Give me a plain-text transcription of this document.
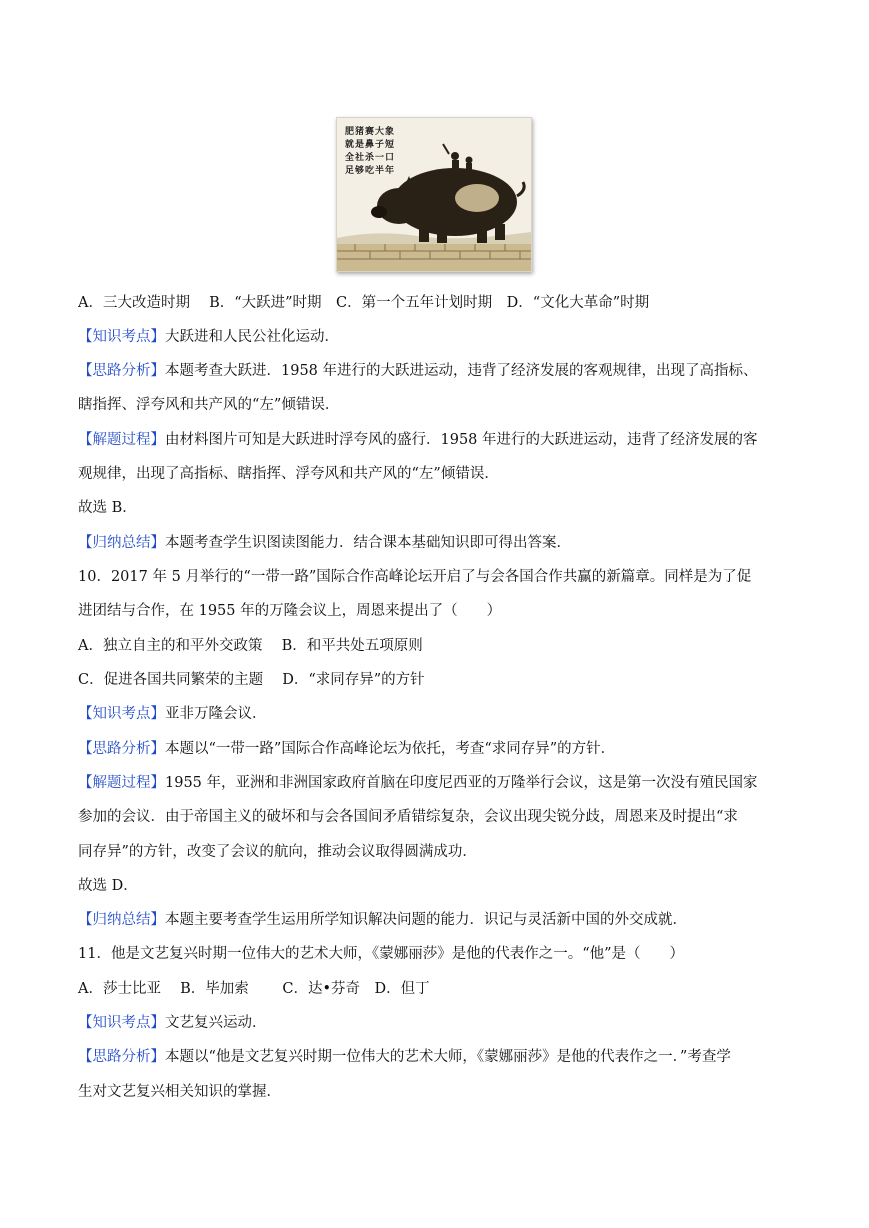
肥猪赛大象
就是鼻子短
全社杀一口
足够吃半年
A．三大改造时期　 B．“大跃进”时期　C．第一个五年计划时期　D．“文化大革命”时期
【知识考点】大跃进和人民公社化运动．
【思路分析】本题考查大跃进．1958 年进行的大跃进运动，违背了经济发展的客观规律，出现了高指标、
瞎指挥、浮夸风和共产风的“左”倾错误．
【解题过程】由材料图片可知是大跃进时浮夸风的盛行．1958 年进行的大跃进运动，违背了经济发展的客
观规律，出现了高指标、瞎指挥、浮夸风和共产风的“左”倾错误．
故选 B．
【归纳总结】本题考查学生识图读图能力．结合课本基础知识即可得出答案．
10．2017 年 5 月举行的“一带一路”国际合作高峰论坛开启了与会各国合作共赢的新篇章。同样是为了促
进团结与合作，在 1955 年的万隆会议上，周恩来提出了（　　）
A．独立自主的和平外交政策　 B．和平共处五项原则
C．促进各国共同繁荣的主题　 D．“求同存异”的方针
【知识考点】亚非万隆会议．
【思路分析】本题以“一带一路”国际合作高峰论坛为依托，考查“求同存异”的方针．
【解题过程】1955 年，亚洲和非洲国家政府首脑在印度尼西亚的万隆举行会议，这是第一次没有殖民国家
参加的会议．由于帝国主义的破坏和与会各国间矛盾错综复杂，会议出现尖锐分歧，周恩来及时提出“求
同存异”的方针，改变了会议的航向，推动会议取得圆满成功．
故选 D．
【归纳总结】本题主要考查学生运用所学知识解决问题的能力．识记与灵活新中国的外交成就．
11．他是文艺复兴时期一位伟大的艺术大师，《蒙娜丽莎》是他的代表作之一。“他”是（　　）
A．莎士比亚　 B．毕加索　　 C．达•芬奇　D．但丁
【知识考点】文艺复兴运动．
【思路分析】本题以“他是文艺复兴时期一位伟大的艺术大师，《蒙娜丽莎》是他的代表作之一．”考查学
生对文艺复兴相关知识的掌握．
